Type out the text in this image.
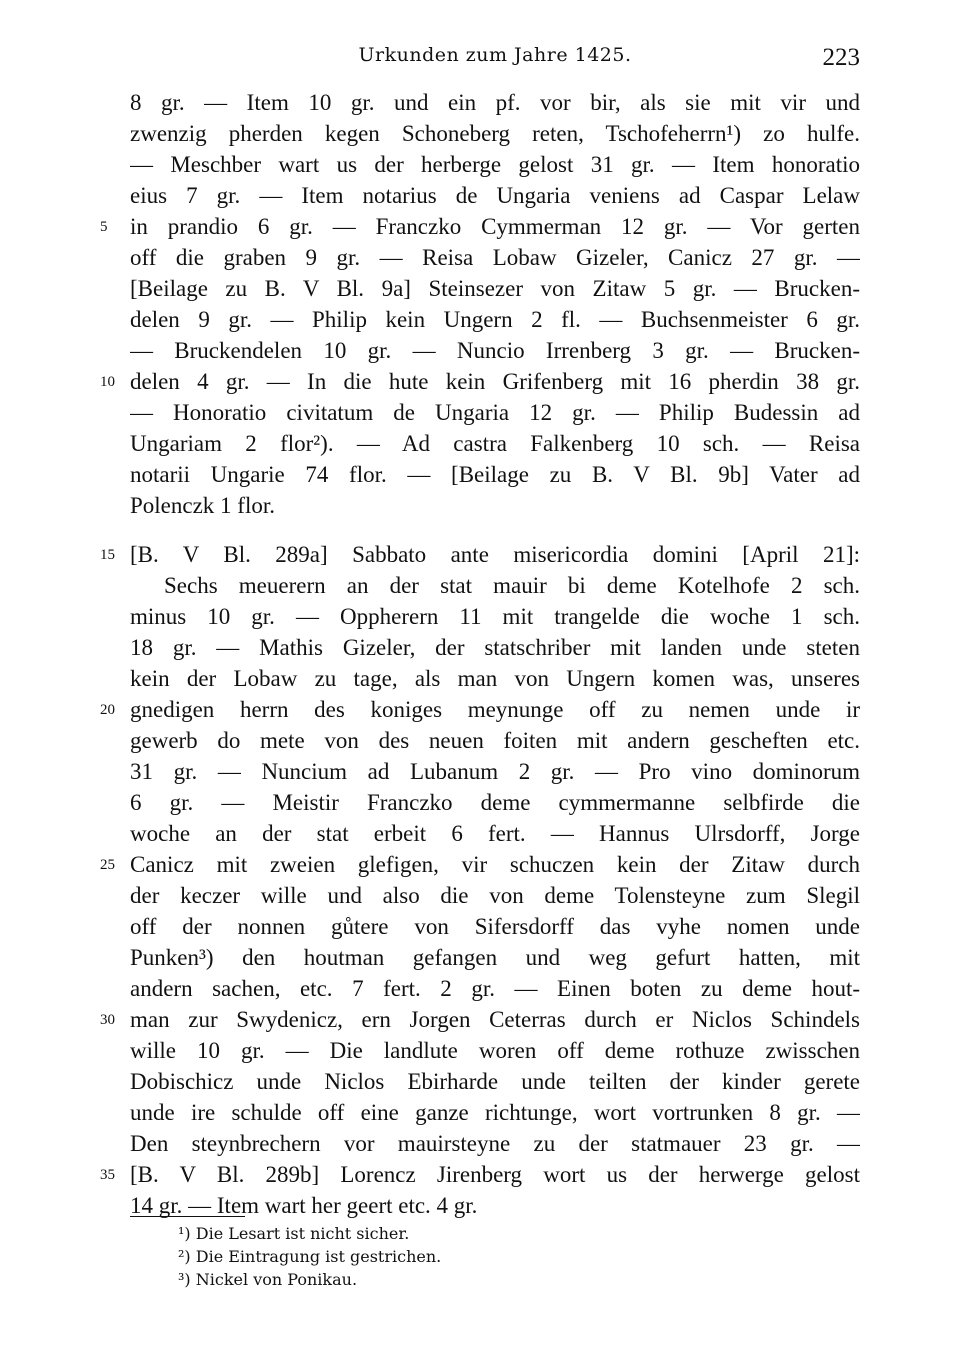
Urkunden zum Jahre 1425.	223
5
10
15
20
25
30
35
8 gr. — Item 10 gr. und ein pf. vor bir, als sie mit vir und
zwenzig pherden kegen Schoneberg reten, Tschofeherrn¹) zo hulfe.
— Meschber wart us der herberge gelost 31 gr. — Item honoratio
eius 7 gr. — Item notarius de Ungaria veniens ad Caspar Lelaw
in prandio 6 gr. — Franczko Cymmerman 12 gr. — Vor gerten
off die graben 9 gr. — Reisa Lobaw Gizeler, Canicz 27 gr. —
[Beilage zu B. V Bl. 9a] Steinsezer von Zitaw 5 gr. — Brucken-
delen 9 gr. — Philip kein Ungern 2 fl. — Buchsenmeister 6 gr.
— Bruckendelen 10 gr. — Nuncio Irrenberg 3 gr. — Brucken-
delen 4 gr. — In die hute kein Grifenberg mit 16 pherdin 38 gr.
— Honoratio civitatum de Ungaria 12 gr. — Philip Budessin ad
Ungariam 2 flor²). — Ad castra Falkenberg 10 sch. — Reisa
notarii Ungarie 74 flor. — [Beilage zu B. V Bl. 9b] Vater ad
Polenczk 1 flor.
[B. V Bl. 289a] Sabbato ante misericordia domini [April 21]:
Sechs meuerern an der stat mauir bi deme Kotelhofe 2 sch.
minus 10 gr. — Oppherern 11 mit trangelde die woche 1 sch.
18 gr. — Mathis Gizeler, der statschriber mit landen unde steten
kein der Lobaw zu tage, als man von Ungern komen was, unseres
gnedigen herrn des koniges meynunge off zu nemen unde ir
gewerb do mete von des neuen foiten mit andern gescheften etc.
31 gr. — Nuncium ad Lubanum 2 gr. — Pro vino dominorum
6 gr. — Meistir Franczko deme cymmermanne selbfirde die
woche an der stat erbeit 6 fert. — Hannus Ulrsdorff, Jorge
Canicz mit zweien glefigen, vir schuczen kein der Zitaw durch
der keczer wille und also die von deme Tolensteyne zum Slegil
off der nonnen gůtere von Sifersdorff das vyhe nomen unde
Punken³) den houtman gefangen und weg gefurt hatten, mit
andern sachen, etc. 7 fert. 2 gr. — Einen boten zu deme hout-
man zur Swydenicz, ern Jorgen Ceterras durch er Niclos Schindels
wille 10 gr. — Die landlute woren off deme rothuze zwisschen
Dobischicz unde Niclos Ebirharde unde teilten der kinder gerete
unde ire schulde off eine ganze richtunge, wort vortrunken 8 gr. —
Den steynbrechern vor mauirsteyne zu der statmauer 23 gr. —
[B. V Bl. 289b] Lorencz Jirenberg wort us der herwerge gelost
14 gr. — Item wart her geert etc. 4 gr.
¹) Die Lesart ist nicht sicher.
²) Die Eintragung ist gestrichen.
³) Nickel von Ponikau.
